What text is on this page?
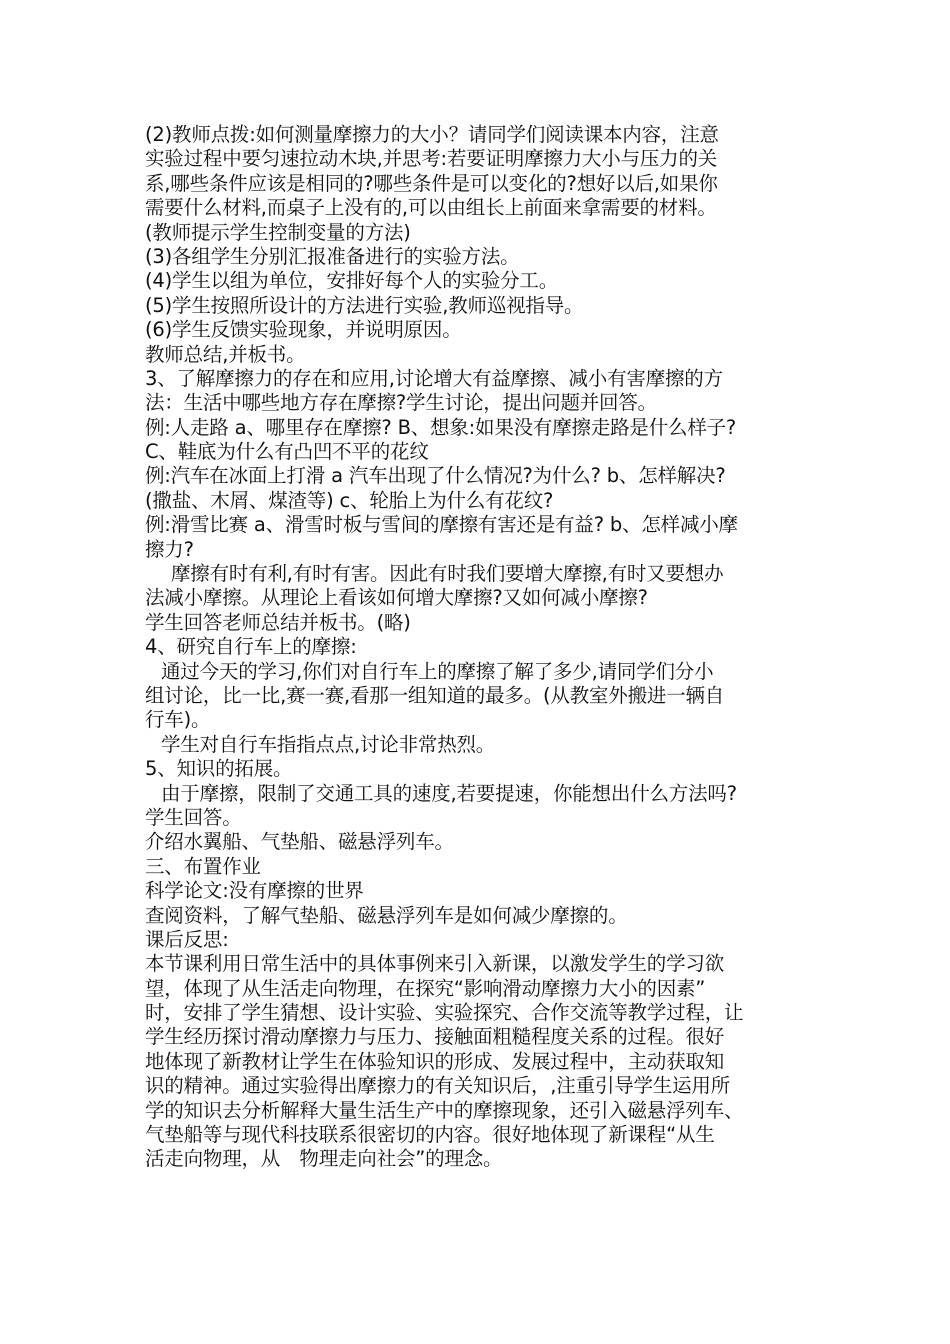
(2)教师点拨:如何测量摩擦力的大小？请同学们阅读课本内容，注意
实验过程中要匀速拉动木块,并思考:若要证明摩擦力大小与压力的关
系,哪些条件应该是相同的?哪些条件是可以变化的?想好以后,如果你
需要什么材料,而桌子上没有的,可以由组长上前面来拿需要的材料。
(教师提示学生控制变量的方法)
(3)各组学生分别汇报准备进行的实验方法。
(4)学生以组为单位，安排好每个人的实验分工。
(5)学生按照所设计的方法进行实验,教师巡视指导。
(6)学生反馈实验现象，并说明原因。
教师总结,并板书。
3、了解摩擦力的存在和应用,讨论增大有益摩擦、减小有害摩擦的方
法：生活中哪些地方存在摩擦?学生讨论，提出问题并回答。
例:人走路 a、哪里存在摩擦? B、想象:如果没有摩擦走路是什么样子?
C、鞋底为什么有凸凹不平的花纹
例:汽车在冰面上打滑 a 汽车出现了什么情况?为什么? b、怎样解决?
(撒盐、木屑、煤渣等) c、轮胎上为什么有花纹?
例:滑雪比赛 a、滑雪时板与雪间的摩擦有害还是有益? b、怎样减小摩
擦力?
摩擦有时有利,有时有害。因此有时我们要增大摩擦,有时又要想办
法减小摩擦。从理论上看该如何增大摩擦?又如何减小摩擦?
学生回答老师总结并板书。(略)
4、研究自行车上的摩擦:
通过今天的学习,你们对自行车上的摩擦了解了多少,请同学们分小
组讨论，比一比,赛一赛,看那一组知道的最多。(从教室外搬进一辆自
行车)。
学生对自行车指指点点,讨论非常热烈。
5、知识的拓展。
由于摩擦，限制了交通工具的速度,若要提速，你能想出什么方法吗?
学生回答。
介绍水翼船、气垫船、磁悬浮列车。
三、布置作业
科学论文:没有摩擦的世界
查阅资料，了解气垫船、磁悬浮列车是如何减少摩擦的。
课后反思:
本节课利用日常生活中的具体事例来引入新课，以激发学生的学习欲
望，体现了从生活走向物理，在探究“影响滑动摩擦力大小的因素”
时，安排了学生猜想、设计实验、实验探究、合作交流等教学过程，让
学生经历探讨滑动摩擦力与压力、接触面粗糙程度关系的过程。很好
地体现了新教材让学生在体验知识的形成、发展过程中，主动获取知
识的精神。通过实验得出摩擦力的有关知识后，,注重引导学生运用所
学的知识去分析解释大量生活生产中的摩擦现象，还引入磁悬浮列车、
气垫船等与现代科技联系很密切的内容。很好地体现了新课程“从生
活走向物理，从　物理走向社会”的理念。
